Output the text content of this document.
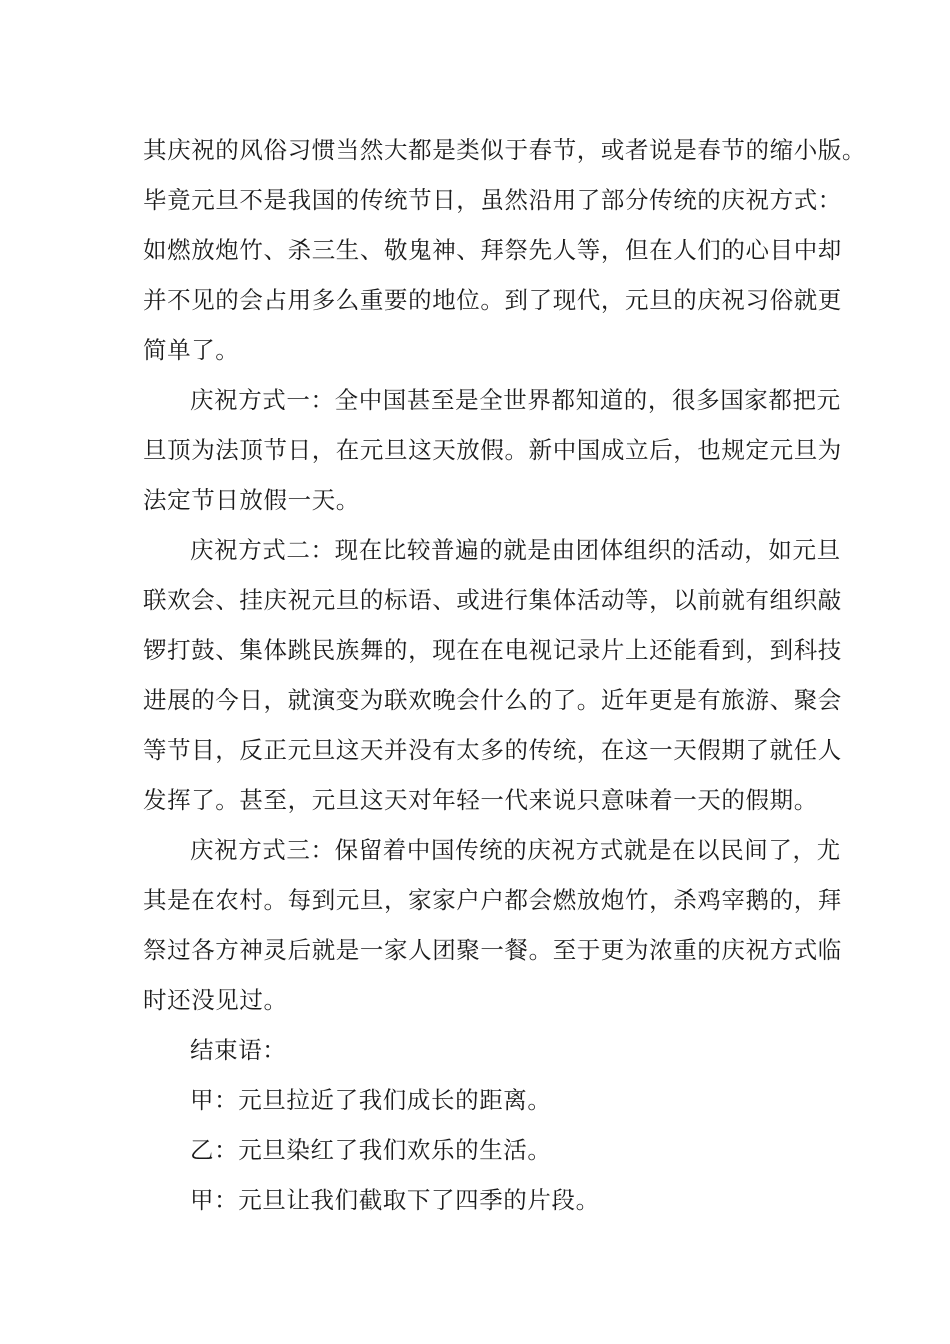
其庆祝的风俗习惯当然大都是类似于春节，或者说是春节的缩小版。
毕竟元旦不是我国的传统节日，虽然沿用了部分传统的庆祝方式：
如燃放炮竹、杀三生、敬鬼神、拜祭先人等，但在人们的心目中却
并不见的会占用多么重要的地位。到了现代，元旦的庆祝习俗就更
简单了。

庆祝方式一：全中国甚至是全世界都知道的，很多国家都把元
旦顶为法顶节日，在元旦这天放假。新中国成立后，也规定元旦为
法定节日放假一天。

庆祝方式二：现在比较普遍的就是由团体组织的活动，如元旦
联欢会、挂庆祝元旦的标语、或进行集体活动等，以前就有组织敲
锣打鼓、集体跳民族舞的，现在在电视记录片上还能看到，到科技
进展的今日，就演变为联欢晚会什么的了。近年更是有旅游、聚会
等节目，反正元旦这天并没有太多的传统，在这一天假期了就任人
发挥了。甚至，元旦这天对年轻一代来说只意味着一天的假期。

庆祝方式三：保留着中国传统的庆祝方式就是在以民间了，尤
其是在农村。每到元旦，家家户户都会燃放炮竹，杀鸡宰鹅的，拜
祭过各方神灵后就是一家人团聚一餐。至于更为浓重的庆祝方式临
时还没见过。

结束语：

甲：元旦拉近了我们成长的距离。

乙：元旦染红了我们欢乐的生活。

甲：元旦让我们截取下了四季的片段。
